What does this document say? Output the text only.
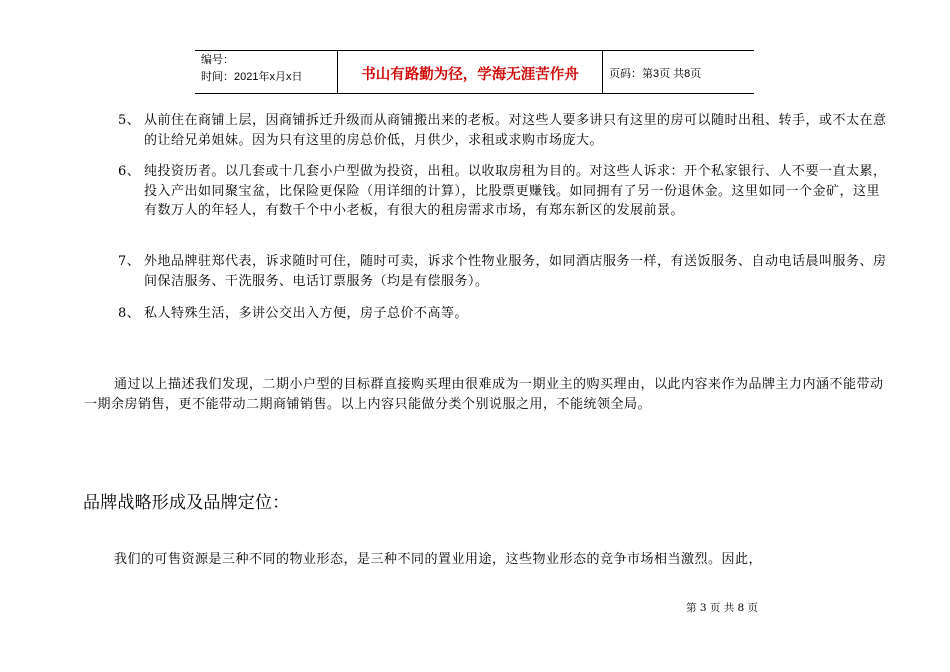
编号：
时间：2021年x月x日	书山有路勤为径，学海无涯苦作舟	页码：第3页 共8页
5、 从前住在商铺上层，因商铺拆迁升级而从商铺搬出来的老板。对这些人要多讲只有这里的房可以随时出租、转手，或不太在意的让给兄弟姐妹。因为只有这里的房总价低，月供少，求租或求购市场庞大。
6、 纯投资历者。以几套或十几套小户型做为投资，出租。以收取房租为目的。对这些人诉求：开个私家银行、人不要一直太累，投入产出如同聚宝盆，比保险更保险（用详细的计算），比股票更赚钱。如同拥有了另一份退休金。这里如同一个金矿，这里有数万人的年轻人，有数千个中小老板，有很大的租房需求市场，有郑东新区的发展前景。
7、 外地品牌驻郑代表，诉求随时可住，随时可卖，诉求个性物业服务，如同酒店服务一样，有送饭服务、自动电话晨叫服务、房间保洁服务、干洗服务、电话订票服务（均是有偿服务）。
8、 私人特殊生活，多讲公交出入方便，房子总价不高等。
通过以上描述我们发现，二期小户型的目标群直接购买理由很难成为一期业主的购买理由，以此内容来作为品牌主力内涵不能带动一期余房销售，更不能带动二期商铺销售。以上内容只能做分类个别说服之用，不能统领全局。
品牌战略形成及品牌定位：
我们的可售资源是三种不同的物业形态，是三种不同的置业用途，这些物业形态的竞争市场相当激烈。因此，
第 3 页 共 8 页
